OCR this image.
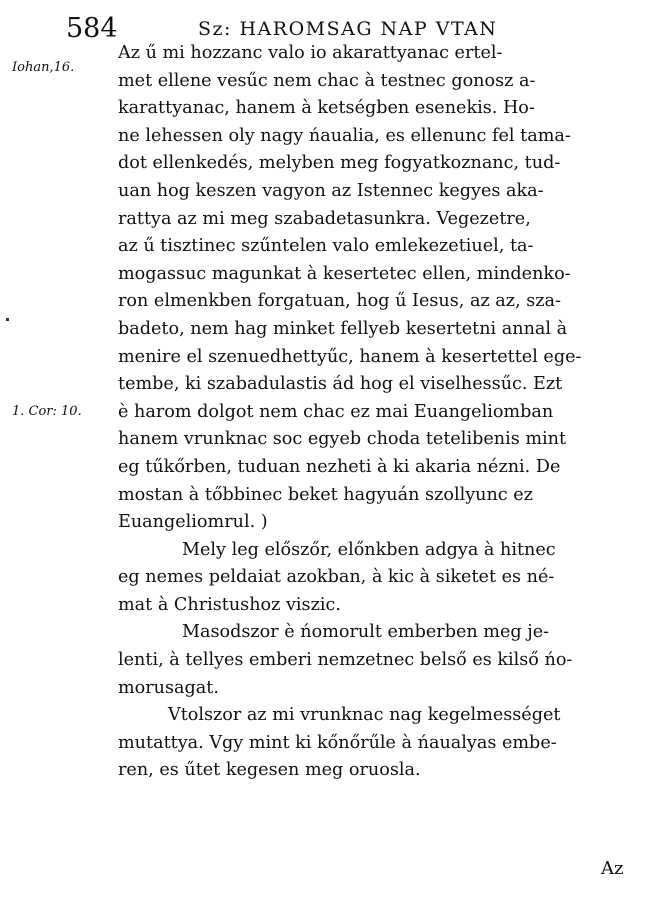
584	Sz: HAROMSAG NAP VTAN
Iohan,16.
1. Cor: 10.
Az ű mi hozzanc valo io akarattyanac ertel-
met ellene vesűc nem chac à testnec gonosz a-
karattyanac, hanem à ketségben esenekis. Ho-
ne lehessen oly nagy ńaualia, es ellenunc fel tama-
dot ellenkedés, melyben meg fogyatkoznanc, tud-
uan hog keszen vagyon az Istennec kegyes aka-
rattya az mi meg szabadetasunkra. Vegezetre,
az ű tisztinec szűntelen valo emlekezetiuel, ta-
mogassuc magunkat à kesertetec ellen, mindenko-
ron elmenkben forgatuan, hog ű Iesus, az az, sza-
badeto, nem hag minket fellyeb kesertetni annal à
menire el szenuedhettyűc, hanem à kesertettel ege-
tembe, ki szabadulastis ád hog el viselhessűc. Ezt
è harom dolgot nem chac ez mai Euangeliomban
hanem vrunknac soc egyeb choda tetelibenis mint
eg tűkőrben, tuduan nezheti à ki akaria nézni. De
mostan à tőbbinec beket hagyuán szollyunc ez
Euangeliomrul. )
Mely leg előszőr, előnkben adgya à hitnec
eg nemes peldaiat azokban, à kic à siketet es né-
mat à Christushoz viszic.
Masodszor è ńomorult emberben meg je-
lenti, à tellyes emberi nemzetnec belső es kilső ńo-
morusagat.
Vtolszor az mi vrunknac nag kegelmességet
mutattya. Vgy mint ki kőnőrűle à ńaualyas embe-
ren, es űtet kegesen meg oruosla.
Az
